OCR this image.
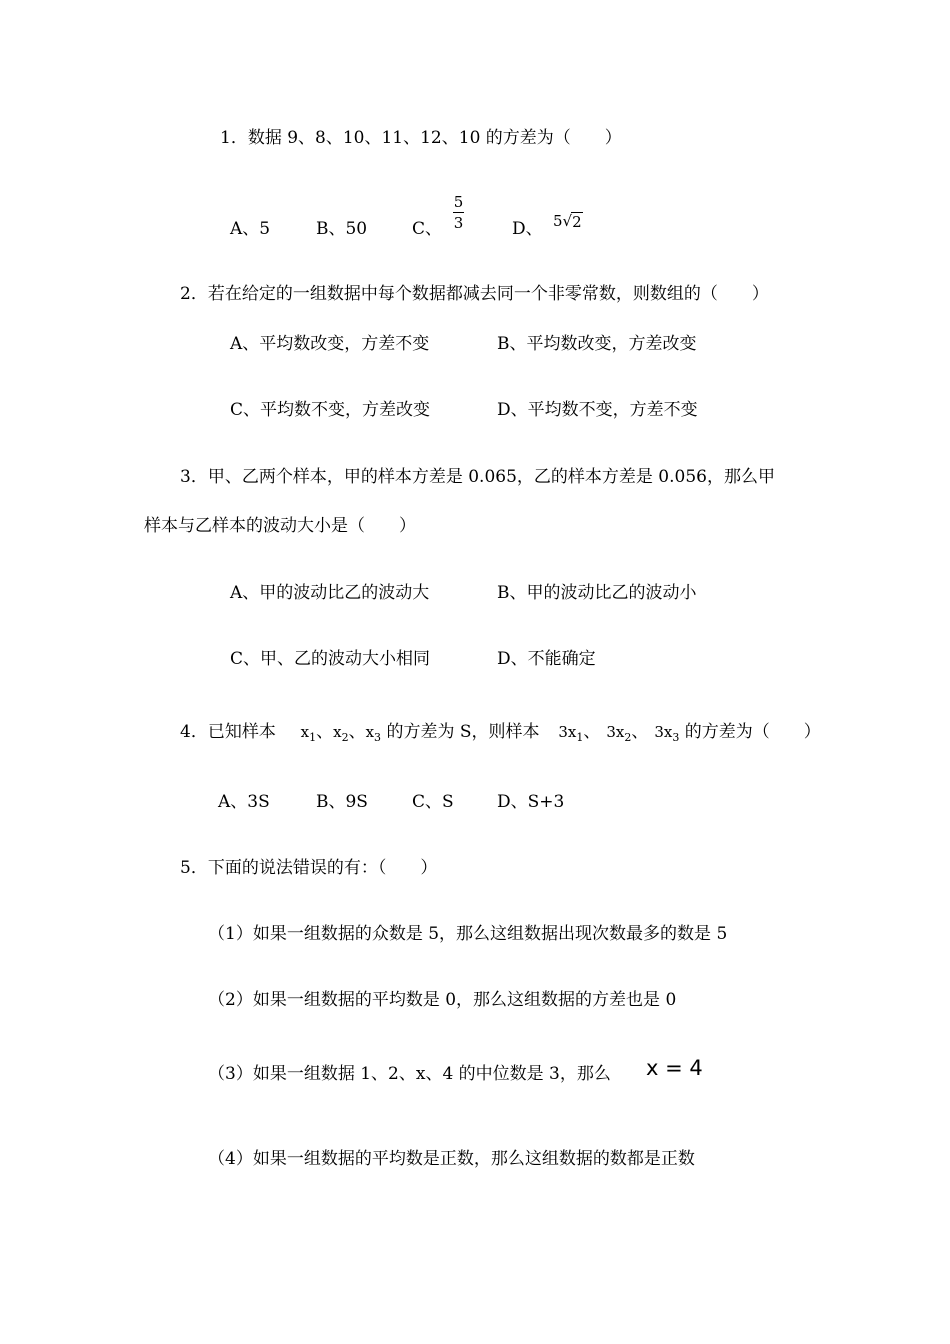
1．数据 9、8、10、11、12、10 的方差为（　　）
A、5	B、50	C、
5
3	D、 5 √ 2
2．若在给定的一组数据中每个数据都减去同一个非零常数，则数组的（　　）
A、平均数改变，方差不变	B、平均数改变，方差改变
C、平均数不变，方差改变	D、平均数不变，方差不变
3．甲、乙两个样本，甲的样本方差是 0.065，乙的样本方差是 0.056，那么甲
样本与乙样本的波动大小是（　　）
A、甲的波动比乙的波动大	B、甲的波动比乙的波动小
C、甲、乙的波动大小相同	D、不能确定
4．已知样本 $x_1$、$x_2$、$x_3$ 的方差为 S，则样本 $3x_1$、 $3x_2$、 $3x_3$ 的方差为（　　）
A、3S	B、9S	C、S	D、S+3
5．下面的说法错误的有：（　　）
（1）如果一组数据的众数是 5，那么这组数据出现次数最多的数是 5
（2）如果一组数据的平均数是 0，那么这组数据的方差也是 0
（3）如果一组数据 1、2、x、4 的中位数是 3，那么 x = 4
（4）如果一组数据的平均数是正数，那么这组数据的数都是正数
